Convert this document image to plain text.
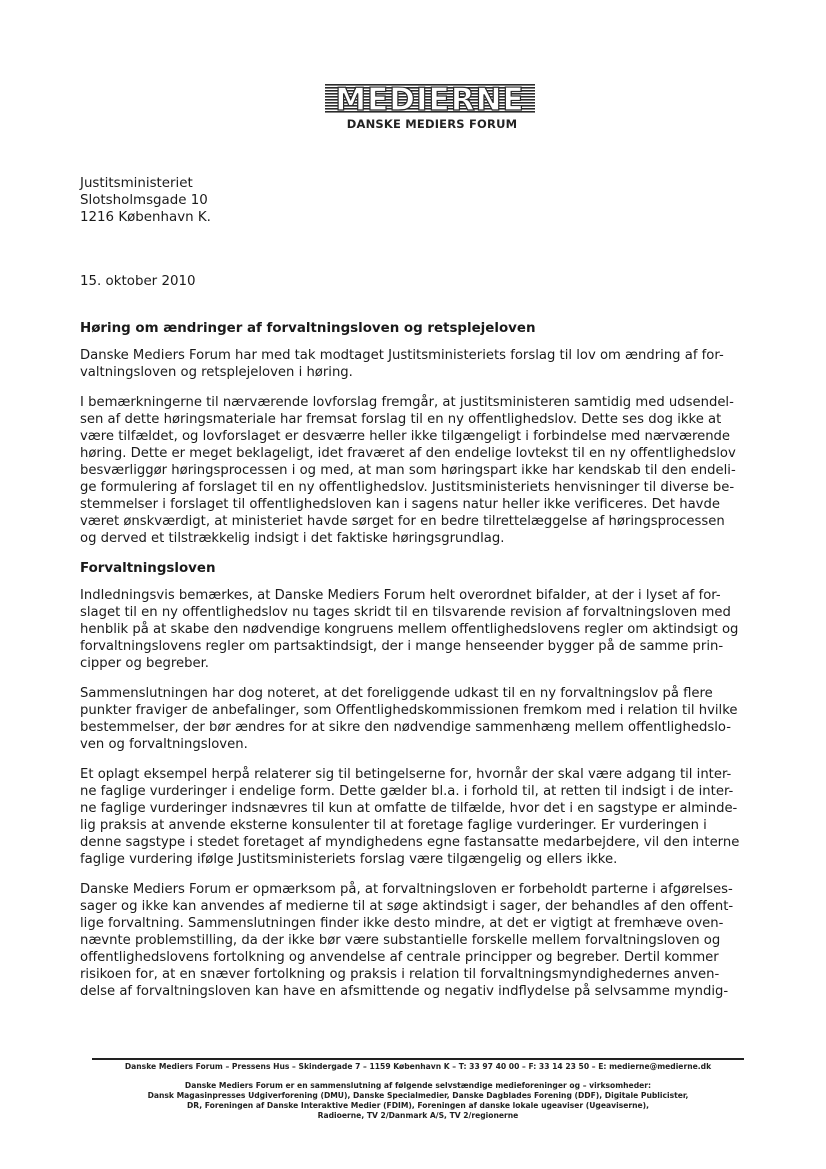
MEDIERNE
DANSKE MEDIERS FORUM
Justitsministeriet
Slotsholmsgade 10
1216 København K.
15. oktober 2010
Høring om ændringer af forvaltningsloven og retsplejeloven

Danske Mediers Forum har med tak modtaget Justitsministeriets forslag til lov om ændring af for-
valtningsloven og retsplejeloven i høring.

I bemærkningerne til nærværende lovforslag fremgår, at justitsministeren samtidig med udsendel-
sen af dette høringsmateriale har fremsat forslag til en ny offentlighedslov. Dette ses dog ikke at
være tilfældet, og lovforslaget er desværre heller ikke tilgængeligt i forbindelse med nærværende
høring. Dette er meget beklageligt, idet fraværet af den endelige lovtekst til en ny offentlighedslov
besværliggør høringsprocessen i og med, at man som høringspart ikke har kendskab til den endeli-
ge formulering af forslaget til en ny offentlighedslov. Justitsministeriets henvisninger til diverse be-
stemmelser i forslaget til offentlighedsloven kan i sagens natur heller ikke verificeres. Det havde
været ønskværdigt, at ministeriet havde sørget for en bedre tilrettelæggelse af høringsprocessen
og derved et tilstrækkelig indsigt i det faktiske høringsgrundlag.

Forvaltningsloven

Indledningsvis bemærkes, at Danske Mediers Forum helt overordnet bifalder, at der i lyset af for-
slaget til en ny offentlighedslov nu tages skridt til en tilsvarende revision af forvaltningsloven med
henblik på at skabe den nødvendige kongruens mellem offentlighedslovens regler om aktindsigt og
forvaltningslovens regler om partsaktindsigt, der i mange henseender bygger på de samme prin-
cipper og begreber.

Sammenslutningen har dog noteret, at det foreliggende udkast til en ny forvaltningslov på flere
punkter fraviger de anbefalinger, som Offentlighedskommissionen fremkom med i relation til hvilke
bestemmelser, der bør ændres for at sikre den nødvendige sammenhæng mellem offentlighedslo-
ven og forvaltningsloven.

Et oplagt eksempel herpå relaterer sig til betingelserne for, hvornår der skal være adgang til inter-
ne faglige vurderinger i endelige form. Dette gælder bl.a. i forhold til, at retten til indsigt i de inter-
ne faglige vurderinger indsnævres til kun at omfatte de tilfælde, hvor det i en sagstype er alminde-
lig praksis at anvende eksterne konsulenter til at foretage faglige vurderinger. Er vurderingen i
denne sagstype i stedet foretaget af myndighedens egne fastansatte medarbejdere, vil den interne
faglige vurdering ifølge Justitsministeriets forslag være tilgængelig og ellers ikke.

Danske Mediers Forum er opmærksom på, at forvaltningsloven er forbeholdt parterne i afgørelses-
sager og ikke kan anvendes af medierne til at søge aktindsigt i sager, der behandles af den offent-
lige forvaltning. Sammenslutningen finder ikke desto mindre, at det er vigtigt at fremhæve oven-
nævnte problemstilling, da der ikke bør være substantielle forskelle mellem forvaltningsloven og
offentlighedslovens fortolkning og anvendelse af centrale principper og begreber. Dertil kommer
risikoen for, at en snæver fortolkning og praksis i relation til forvaltningsmyndighedernes anven-
delse af forvaltningsloven kan have en afsmittende og negativ indflydelse på selvsamme myndig-

Danske Mediers Forum – Pressens Hus – Skindergade 7 – 1159 København K – T: 33 97 40 00 – F: 33 14 23 50 – E: medierne@medierne.dk
Danske Mediers Forum er en sammenslutning af følgende selvstændige medieforeninger og – virksomheder:
Dansk Magasinpresses Udgiverforening (DMU), Danske Specialmedier, Danske Dagblades Forening (DDF), Digitale Publicister,
DR, Foreningen af Danske Interaktive Medier (FDIM), Foreningen af danske lokale ugeaviser (Ugeaviserne),
Radioerne, TV 2/Danmark A/S, TV 2/regionerne
